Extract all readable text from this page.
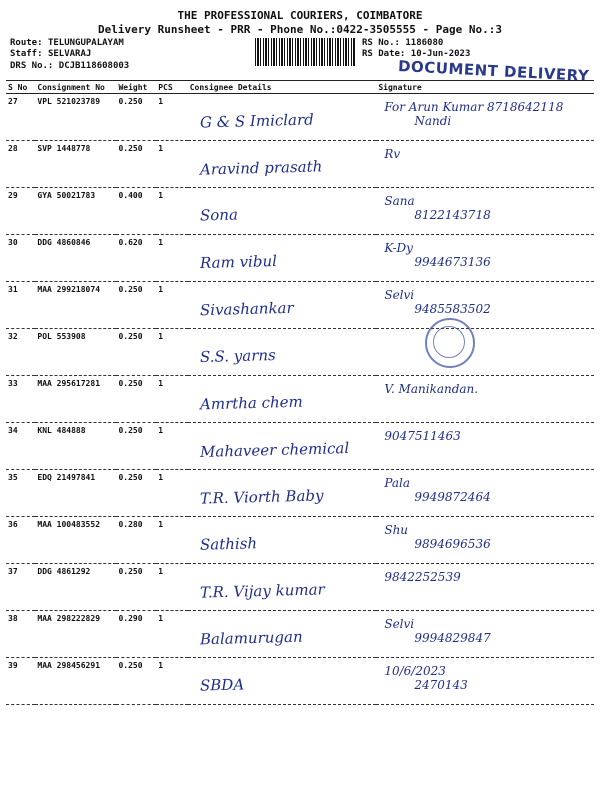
THE PROFESSIONAL COURIERS, COIMBATORE
Delivery Runsheet - PRR - Phone No.:0422-3505555 - Page No.:3
Route: TELUNGUPALAYAM
Staff: SELVARAJ
DRS No.: DCJB118608003
RS No.: 1186080
RS Date: 10-Jun-2023
DOCUMENT DELIVERY
S No	Consignment No	Weight	PCS	Consignee Details	Signature
27	VPL 521023789	0.250	1	G & S Imiclard	For Arun Kumar 8718642118
Nandi

28	SVP 1448778	0.250	1	Aravind prasath	Rv

29	GYA 50021783	0.400	1	Sona	Sana
8122143718

30	DDG 4860846	0.620	1	Ram vibul	K-Dy
9944673136

31	MAA 299218074	0.250	1	Sivashankar	Selvi
9485583502

32	POL 553908	0.250	1	S.S. yarns	

33	MAA 295617281	0.250	1	Amrtha chem	V. Manikandan.

34	KNL 484888	0.250	1	Mahaveer chemical	9047511463

35	EDQ 21497841	0.250	1	T.R. Viorth Baby	Pala
9949872464

36	MAA 100483552	0.280	1	Sathish	Shu
9894696536

37	DDG 4861292	0.250	1	T.R. Vijay kumar	9842252539

38	MAA 298222829	0.290	1	Balamurugan	Selvi
9994829847

39	MAA 298456291	0.250	1	SBDA	10/6/2023
2470143
